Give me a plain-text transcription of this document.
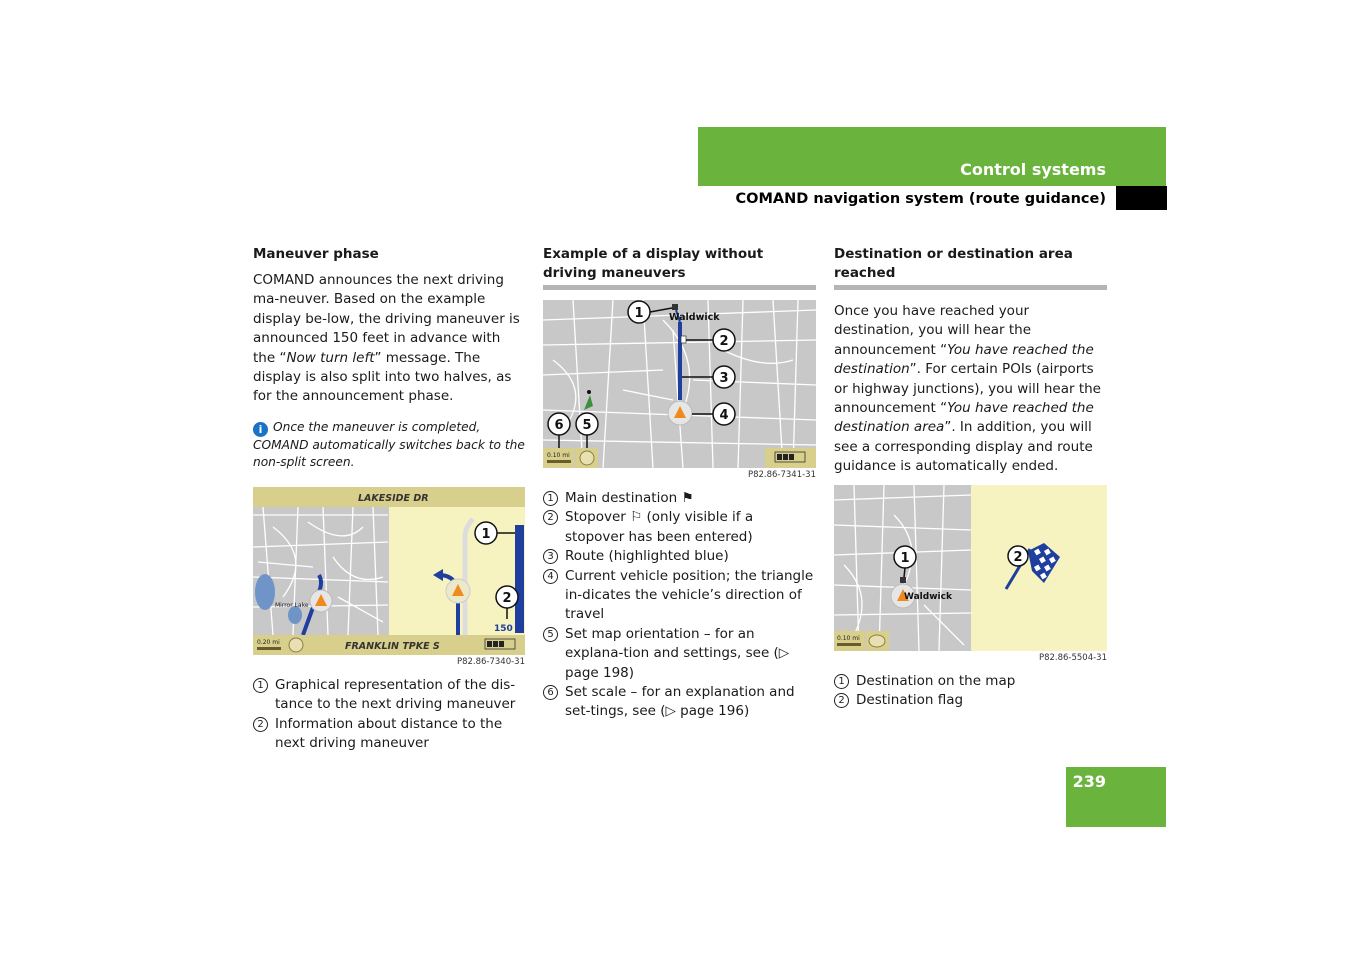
Control systems
COMAND navigation system (route guidance)
Maneuver phase

COMAND announces the next driving ma-neuver. Based on the example display be-low, the driving maneuver is announced 150 feet in advance with the “Now turn left” message. The display is also split into two halves, as for the announcement phase.

i Once the maneuver is completed, COMAND automatically switches back to the non-split screen.
LAKESIDE DR
Mirror Lake
1
2
150 ft
0.20 mi	FRANKLIN TPKE S
P82.86-7340-31
1 Graphical representation of the dis-tance to the next driving maneuver
2 Information about distance to the next driving maneuver
Example of a display without driving maneuvers
Waldwick
1
2
3
4
6 5
0.10 mi
P82.86-7341-31
1 Main destination ⚑
2 Stopover ⚐ (only visible if a stopover has been entered)
3 Route (highlighted blue)
4 Current vehicle position; the triangle in-dicates the vehicle’s direction of travel
5 Set map orientation – for an explana-tion and settings, see (▷ page 198)
6 Set scale – for an explanation and set-tings, see (▷ page 196)
Destination or destination area reached

Once you have reached your destination, you will hear the announcement “You have reached the destination”. For certain POIs (airports or highway junctions), you will hear the announcement “You have reached the destination area”. In addition, you will see a corresponding display and route guidance is automatically ended.

Waldwick
1
0.10 mi
2
P82.86-5504-31
1 Destination on the map
2 Destination flag
239
